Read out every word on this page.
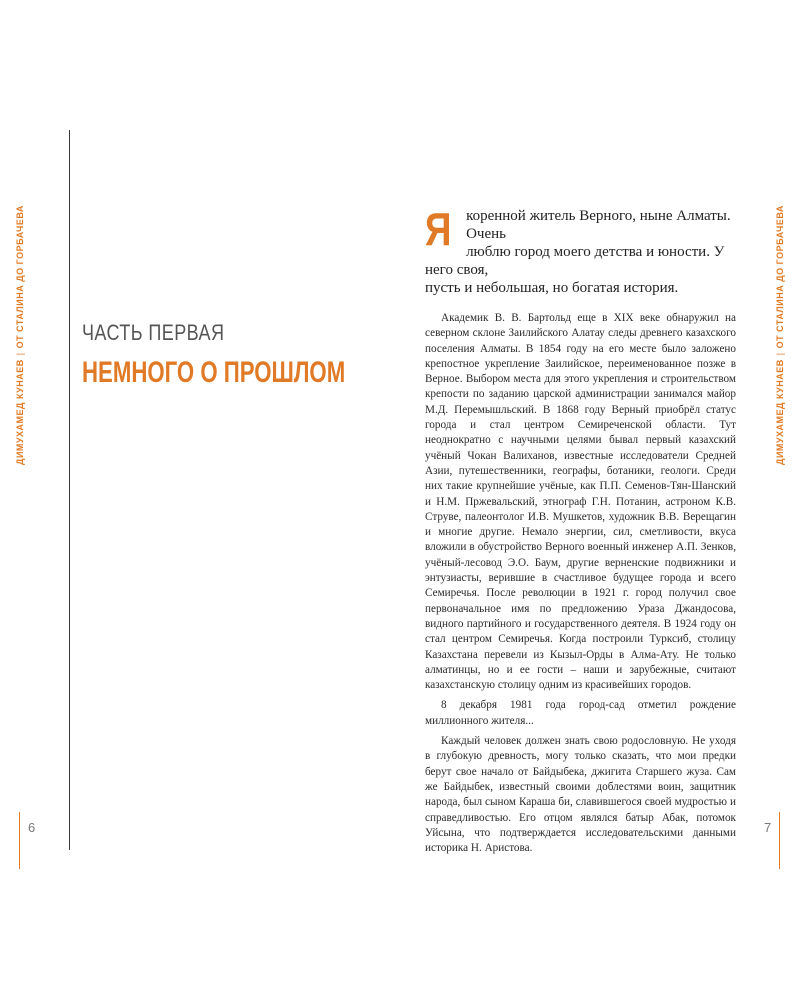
ДИМУХАМЕД КУНАЕВ|ОТ СТАЛИНА ДО ГОРБАЧЕВА
ДИМУХАМЕД КУНАЕВ|ОТ СТАЛИНА ДО ГОРБАЧЕВА
ЧАСТЬ ПЕРВАЯ
НЕМНОГО О ПРОШЛОМ
6	7
Я коренной житель Верного, ныне Алматы. Очень
люблю город моего детства и юности. У него своя,
пусть и небольшая, но богатая история.

Академик В. В. Бартольд еще в XIX веке обнаружил на северном склоне Заилийского Алатау следы древнего казахского поселения Алматы. В 1854 году на его месте было заложено крепостное укрепление Заилийское, переименованное позже в Верное. Выбором места для этого укрепления и строительством крепости по заданию царской администрации занимался майор М.Д. Перемышльский. В 1868 году Верный приобрёл статус города и стал центром Семиреченской области. Тут неоднократно с научными целями бывал первый казахский учёный Чокан Валиханов, известные исследователи Средней Азии, путешественники, географы, ботаники, геологи. Среди них такие крупнейшие учёные, как П.П. Семенов-Тян-Шанский и Н.М. Пржевальский, этнограф Г.Н. Потанин, астроном К.В. Струве, палеонтолог И.В. Мушкетов, художник В.В. Верещагин и многие другие. Немало энергии, сил, сметливости, вкуса вложили в обустройство Верного военный инженер А.П. Зенков, учёный-лесовод Э.О. Баум, другие верненские подвижники и энтузиасты, верившие в счастливое будущее города и всего Семиречья. После революции в 1921 г. город получил свое первоначальное имя по предложению Ураза Джандосова, видного партийного и государственного деятеля. В 1924 году он стал центром Семиречья. Когда построили Турксиб, столицу Казахстана перевели из Кызыл-Орды в Алма-Ату. Не только алматинцы, но и ее гости – наши и зарубежные, считают казахстанскую столицу одним из красивейших городов.

8 декабря 1981 года город-сад отметил рождение миллионного жителя...

Каждый человек должен знать свою родословную. Не уходя в глубокую древность, могу только сказать, что мои предки берут свое начало от Байдыбека, джигита Старшего жуза. Сам же Байдыбек, известный своими доблестями воин, защитник народа, был сыном Караша би, славившегося своей мудростью и справедливостью. Его отцом являлся батыр Абак, потомок Уйсына, что подтверждается исследовательскими данными историка Н. Аристова.
